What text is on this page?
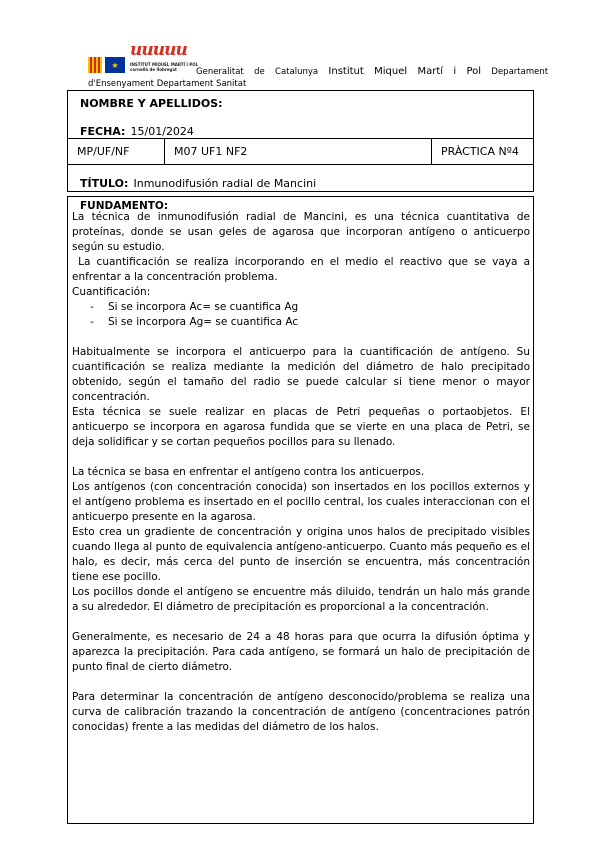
★
uuuuu
INSTITUT MIQUEL MARTÍ I POL
cornellà de llobregat	Generalitat de Catalunya Institut Miquel Martí i Pol Departament
d'Ensenyament Departament Sanitat
NOMBRE Y APELLIDOS:
FECHA: 15/01/2024
MP/UF/NF	M07 UF1 NF2	PRÀCTICA Nº4
TÍTULO: Inmunodifusión radial de Mancini
FUNDAMENTO:

La técnica de inmunodifusión radial de Mancini, es una técnica cuantitativa de proteínas, donde se usan geles de agarosa que incorporan antígeno o anticuerpo según su estudio.

La cuantificación se realiza incorporando en el medio el reactivo que se vaya a enfrentar a la concentración problema.

Cuantificación:

- Si se incorpora Ac= se cuantifica Ag
- Si se incorpora Ag= se cuantifica Ac

Habitualmente se incorpora el anticuerpo para la cuantificación de antígeno. Su cuantificación se realiza mediante la medición del diámetro de halo precipitado obtenido, según el tamaño del radio se puede calcular si tiene menor o mayor concentración.

Esta técnica se suele realizar en placas de Petri pequeñas o portaobjetos. El anticuerpo se incorpora en agarosa fundida que se vierte en una placa de Petri, se deja solidificar y se cortan pequeños pocillos para su llenado.

La técnica se basa en enfrentar el antígeno contra los anticuerpos.

Los antígenos (con concentración conocida) son insertados en los pocillos externos y el antígeno problema es insertado en el pocillo central, los cuales interaccionan con el anticuerpo presente en la agarosa.

Esto crea un gradiente de concentración y origina unos halos de precipitado visibles cuando llega al punto de equivalencia antígeno-anticuerpo. Cuanto más pequeño es el halo, es decir, más cerca del punto de inserción se encuentra, más concentración tiene ese pocillo.

Los pocillos donde el antígeno se encuentre más diluido, tendrán un halo más grande a su alrededor. El diámetro de precipitación es proporcional a la concentración.

Generalmente, es necesario de 24 a 48 horas para que ocurra la difusión óptima y aparezca la precipitación. Para cada antígeno, se formará un halo de precipitación de punto final de cierto diámetro.

Para determinar la concentración de antígeno desconocido/problema se realiza una curva de calibración trazando la concentración de antígeno (concentraciones patrón conocidas) frente a las medidas del diámetro de los halos.
